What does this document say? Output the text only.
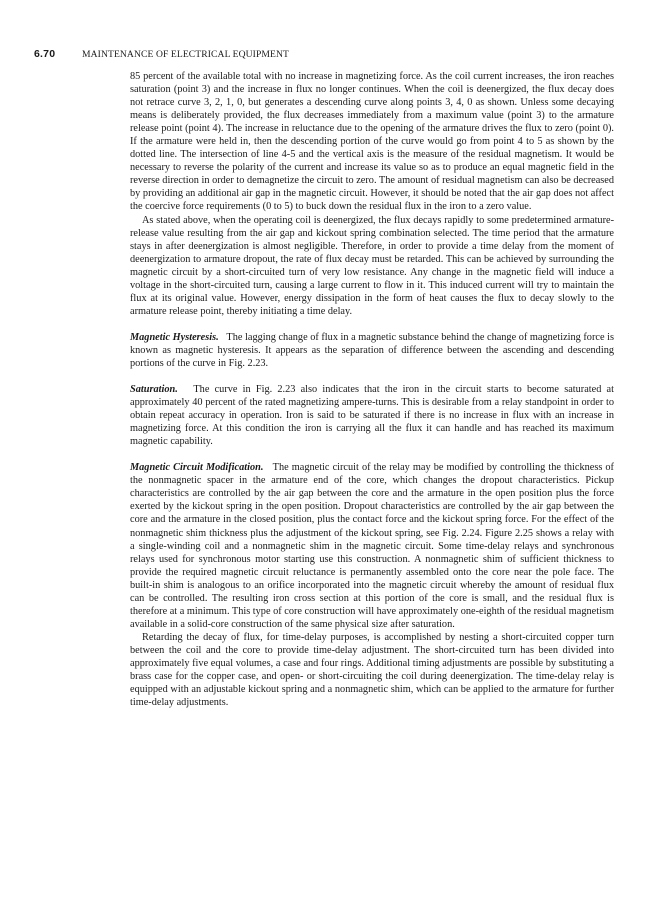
6.70	MAINTENANCE OF ELECTRICAL EQUIPMENT

85 percent of the available total with no increase in magnetizing force. As the coil current increases, the iron reaches saturation (point 3) and the increase in flux no longer continues. When the coil is deenergized, the flux decay does not retrace curve 3, 2, 1, 0, but generates a descending curve along points 3, 4, 0 as shown. Unless some decaying means is deliberately provided, the flux decreases immediately from a maximum value (point 3) to the armature release point (point 4). The increase in reluctance due to the opening of the armature drives the flux to zero (point 0). If the armature were held in, then the descending portion of the curve would go from point 4 to 5 as shown by the dotted line. The intersection of line 4-5 and the vertical axis is the measure of the residual magnetism. It would be necessary to reverse the polarity of the current and increase its value so as to produce an equal magnetic field in the reverse direction in order to demagnetize the circuit to zero. The amount of residual magnetism can also be decreased by providing an additional air gap in the magnetic circuit. However, it should be noted that the air gap does not affect the coercive force requirements (0 to 5) to buck down the residual flux in the iron to a zero value.

As stated above, when the operating coil is deenergized, the flux decays rapidly to some predetermined armature-release value resulting from the air gap and kickout spring combination selected. The time period that the armature stays in after deenergization is almost negligible. Therefore, in order to provide a time delay from the moment of deenergization to armature dropout, the rate of flux decay must be retarded. This can be achieved by surrounding the magnetic circuit by a short-circuited turn of very low resistance. Any change in the magnetic field will induce a voltage in the short-circuited turn, causing a large current to flow in it. This induced current will try to maintain the flux at its original value. However, energy dissipation in the form of heat causes the flux to decay slowly to the armature release point, thereby initiating a time delay.

Magnetic Hysteresis. The lagging change of flux in a magnetic substance behind the change of magnetizing force is known as magnetic hysteresis. It appears as the separation of difference between the ascending and descending portions of the curve in Fig. 2.23.

Saturation. The curve in Fig. 2.23 also indicates that the iron in the circuit starts to become saturated at approximately 40 percent of the rated magnetizing ampere-turns. This is desirable from a relay standpoint in order to obtain repeat accuracy in operation. Iron is said to be saturated if there is no increase in flux with an increase in magnetizing force. At this condition the iron is carrying all the flux it can handle and has reached its maximum magnetic capability.

Magnetic Circuit Modification. The magnetic circuit of the relay may be modified by controlling the thickness of the nonmagnetic spacer in the armature end of the core, which changes the dropout characteristics. Pickup characteristics are controlled by the air gap between the core and the armature in the open position plus the force exerted by the kickout spring in the open position. Dropout characteristics are controlled by the air gap between the core and the armature in the closed position, plus the contact force and the kickout spring force. For the effect of the nonmagnetic shim thickness plus the adjustment of the kickout spring, see Fig. 2.24. Figure 2.25 shows a relay with a single-winding coil and a nonmagnetic shim in the magnetic circuit. Some time-delay relays and synchronous relays used for synchronous motor starting use this construction. A nonmagnetic shim of sufficient thickness to provide the required magnetic circuit reluctance is permanently assembled onto the core near the pole face. The built-in shim is analogous to an orifice incorporated into the magnetic circuit whereby the amount of residual flux can be controlled. The resulting iron cross section at this portion of the core is small, and the residual flux is therefore at a minimum. This type of core construction will have approximately one-eighth of the residual magnetism available in a solid-core construction of the same physical size after saturation.

Retarding the decay of flux, for time-delay purposes, is accomplished by nesting a short-circuited copper turn between the coil and the core to provide time-delay adjustment. The short-circuited turn has been divided into approximately five equal volumes, a case and four rings. Additional timing adjustments are possible by substituting a brass case for the copper case, and open- or short-circuiting the coil during deenergization. The time-delay relay is equipped with an adjustable kickout spring and a nonmagnetic shim, which can be applied to the armature for further time-delay adjustments.
